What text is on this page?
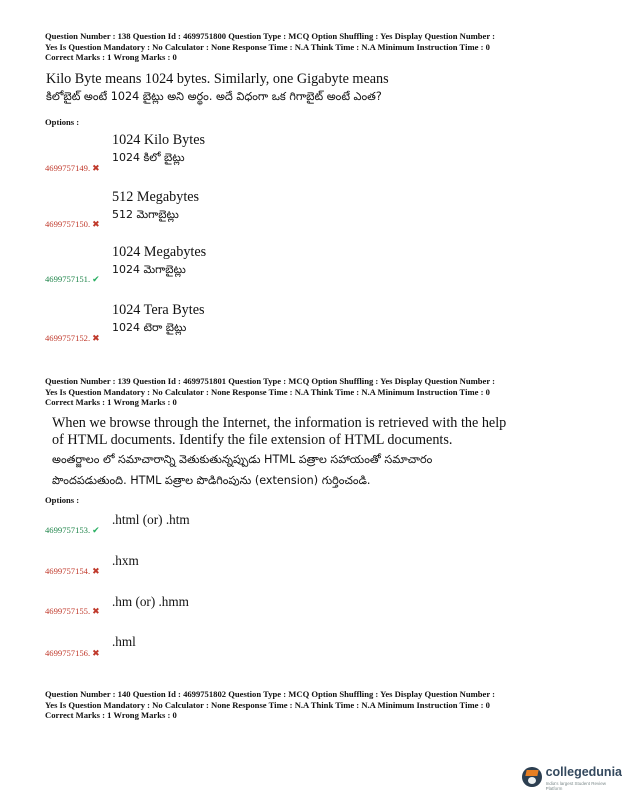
Question Number : 138 Question Id : 4699751800 Question Type : MCQ Option Shuffling : Yes Display Question Number :
Yes Is Question Mandatory : No Calculator : None Response Time : N.A Think Time : N.A Minimum Instruction Time : 0
Correct Marks : 1 Wrong Marks : 0
Kilo Byte means 1024 bytes. Similarly, one Gigabyte means
కిలోబైట్ అంటే 1024 బైట్లు అని అర్థం. అదే విధంగా ఒక గిగాబైట్ అంటే ఎంత?
Options :
1024 Kilo Bytes
1024 కిలో బైట్లు
4699757149. ✖
512 Megabytes
512 మెగాబైట్లు
4699757150. ✖
1024 Megabytes
1024 మెగాబైట్లు
4699757151. ✔
1024 Tera Bytes
1024 టెరా బైట్లు
4699757152. ✖
Question Number : 139 Question Id : 4699751801 Question Type : MCQ Option Shuffling : Yes Display Question Number :
Yes Is Question Mandatory : No Calculator : None Response Time : N.A Think Time : N.A Minimum Instruction Time : 0
Correct Marks : 1 Wrong Marks : 0
When we browse through the Internet, the information is retrieved with the help
of HTML documents. Identify the file extension of HTML documents.
అంతర్జాలం లో సమాచారాన్ని వెతుకుతున్నప్పుడు HTML పత్రాల సహాయంతో సమాచారం
పొందపడుతుంది. HTML పత్రాల పొడిగింపును (extension) గుర్తించండి.
Options :
.html (or) .htm
4699757153. ✔
.hxm
4699757154. ✖
.hm (or) .hmm
4699757155. ✖
.hml
4699757156. ✖
Question Number : 140 Question Id : 4699751802 Question Type : MCQ Option Shuffling : Yes Display Question Number :
Yes Is Question Mandatory : No Calculator : None Response Time : N.A Think Time : N.A Minimum Instruction Time : 0
Correct Marks : 1 Wrong Marks : 0
collegedunia
India's largest Student Review Platform
